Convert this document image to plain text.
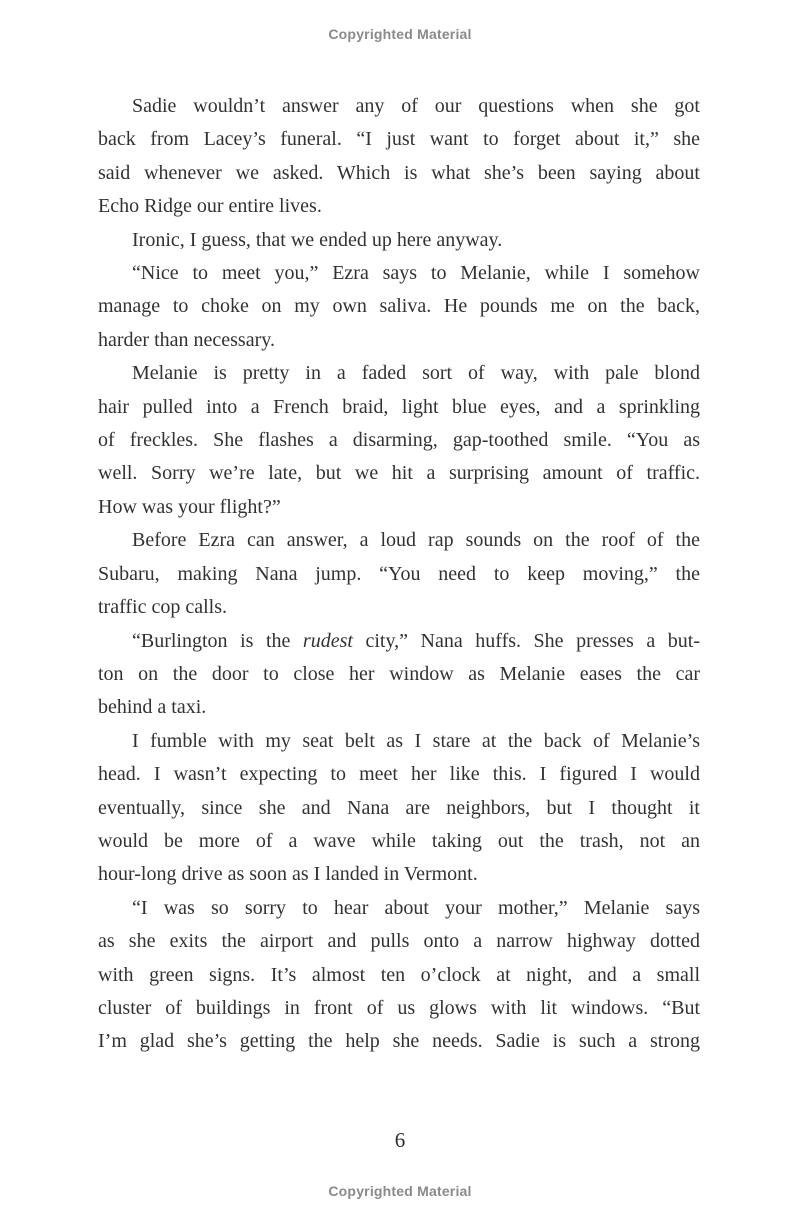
Copyrighted Material
Sadie wouldn’t answer any of our questions when she got
back from Lacey’s funeral. “I just want to forget about it,” she
said whenever we asked. Which is what she’s been saying about
Echo Ridge our entire lives.
Ironic, I guess, that we ended up here anyway.
“Nice to meet you,” Ezra says to Melanie, while I somehow
manage to choke on my own saliva. He pounds me on the back,
harder than necessary.
Melanie is pretty in a faded sort of way, with pale blond
hair pulled into a French braid, light blue eyes, and a sprinkling
of freckles. She flashes a disarming, gap-toothed smile. “You as
well. Sorry we’re late, but we hit a surprising amount of traffic.
How was your flight?”
Before Ezra can answer, a loud rap sounds on the roof of the
Subaru, making Nana jump. “You need to keep moving,” the
traffic cop calls.
“Burlington is the rudest city,” Nana huffs. She presses a but-
ton on the door to close her window as Melanie eases the car
behind a taxi.
I fumble with my seat belt as I stare at the back of Melanie’s
head. I wasn’t expecting to meet her like this. I figured I would
eventually, since she and Nana are neighbors, but I thought it
would be more of a wave while taking out the trash, not an
hour-long drive as soon as I landed in Vermont.
“I was so sorry to hear about your mother,” Melanie says
as she exits the airport and pulls onto a narrow highway dotted
with green signs. It’s almost ten o’clock at night, and a small
cluster of buildings in front of us glows with lit windows. “But
I’m glad she’s getting the help she needs. Sadie is such a strong
6
Copyrighted Material
